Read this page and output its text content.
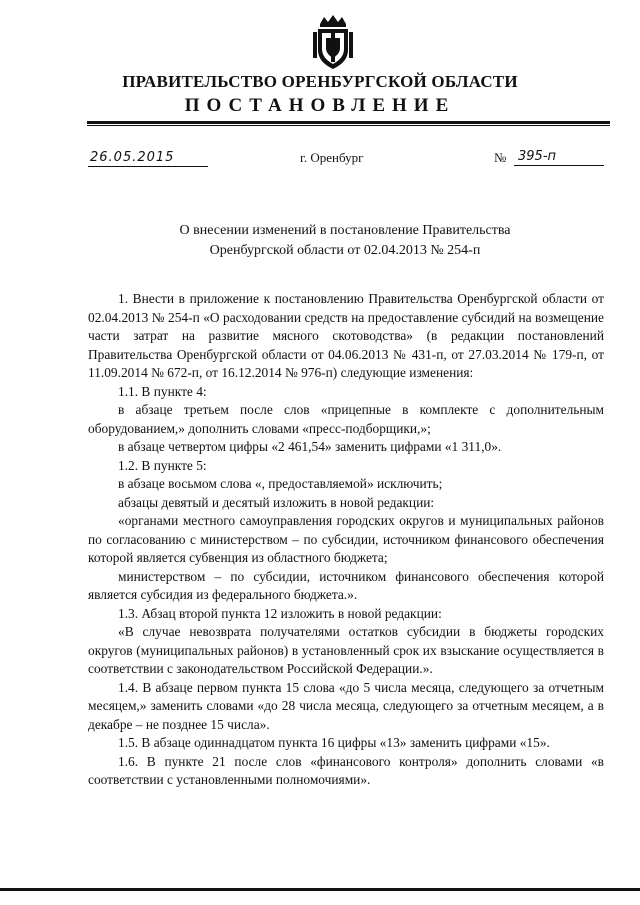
ПРАВИТЕЛЬСТВО ОРЕНБУРГСКОЙ ОБЛАСТИ
ПОСТАНОВЛЕНИЕ
26.05.2015	г. Оренбург	№ 395-п
О внесении изменений в постановление Правительства
Оренбургской области от 02.04.2013 № 254-п

1. Внести в приложение к постановлению Правительства Оренбургской области от 02.04.2013 № 254-п «О расходовании средств на предоставление субсидий на возмещение части затрат на развитие мясного скотоводства» (в редакции постановлений Правительства Оренбургской области от 04.06.2013 № 431-п, от 27.03.2014 № 179-п, от 11.09.2014 № 672-п, от 16.12.2014 № 976-п) следующие изменения:

1.1. В пункте 4:

в абзаце третьем после слов «прицепные в комплекте с дополнительным оборудованием,» дополнить словами «пресс-подборщики,»;

в абзаце четвертом цифры «2 461,54» заменить цифрами «1 311,0».

1.2. В пункте 5:

в абзаце восьмом слова «, предоставляемой» исключить;

абзацы девятый и десятый изложить в новой редакции:

«органами местного самоуправления городских округов и муниципальных районов по согласованию с министерством – по субсидии, источником финансового обеспечения которой является субвенция из областного бюджета;

министерством – по субсидии, источником финансового обеспечения которой является субсидия из федерального бюджета.».

1.3. Абзац второй пункта 12 изложить в новой редакции:

«В случае невозврата получателями остатков субсидии в бюджеты городских округов (муниципальных районов) в установленный срок их взыскание осуществляется в соответствии с законодательством Российской Федерации.».

1.4. В абзаце первом пункта 15 слова «до 5 числа месяца, следующего за отчетным месяцем,» заменить словами «до 28 числа месяца, следующего за отчетным месяцем, а в декабре – не позднее 15 числа».

1.5. В абзаце одиннадцатом пункта 16 цифры «13» заменить цифрами «15».

1.6. В пункте 21 после слов «финансового контроля» дополнить словами «в соответствии с установленными полномочиями».
